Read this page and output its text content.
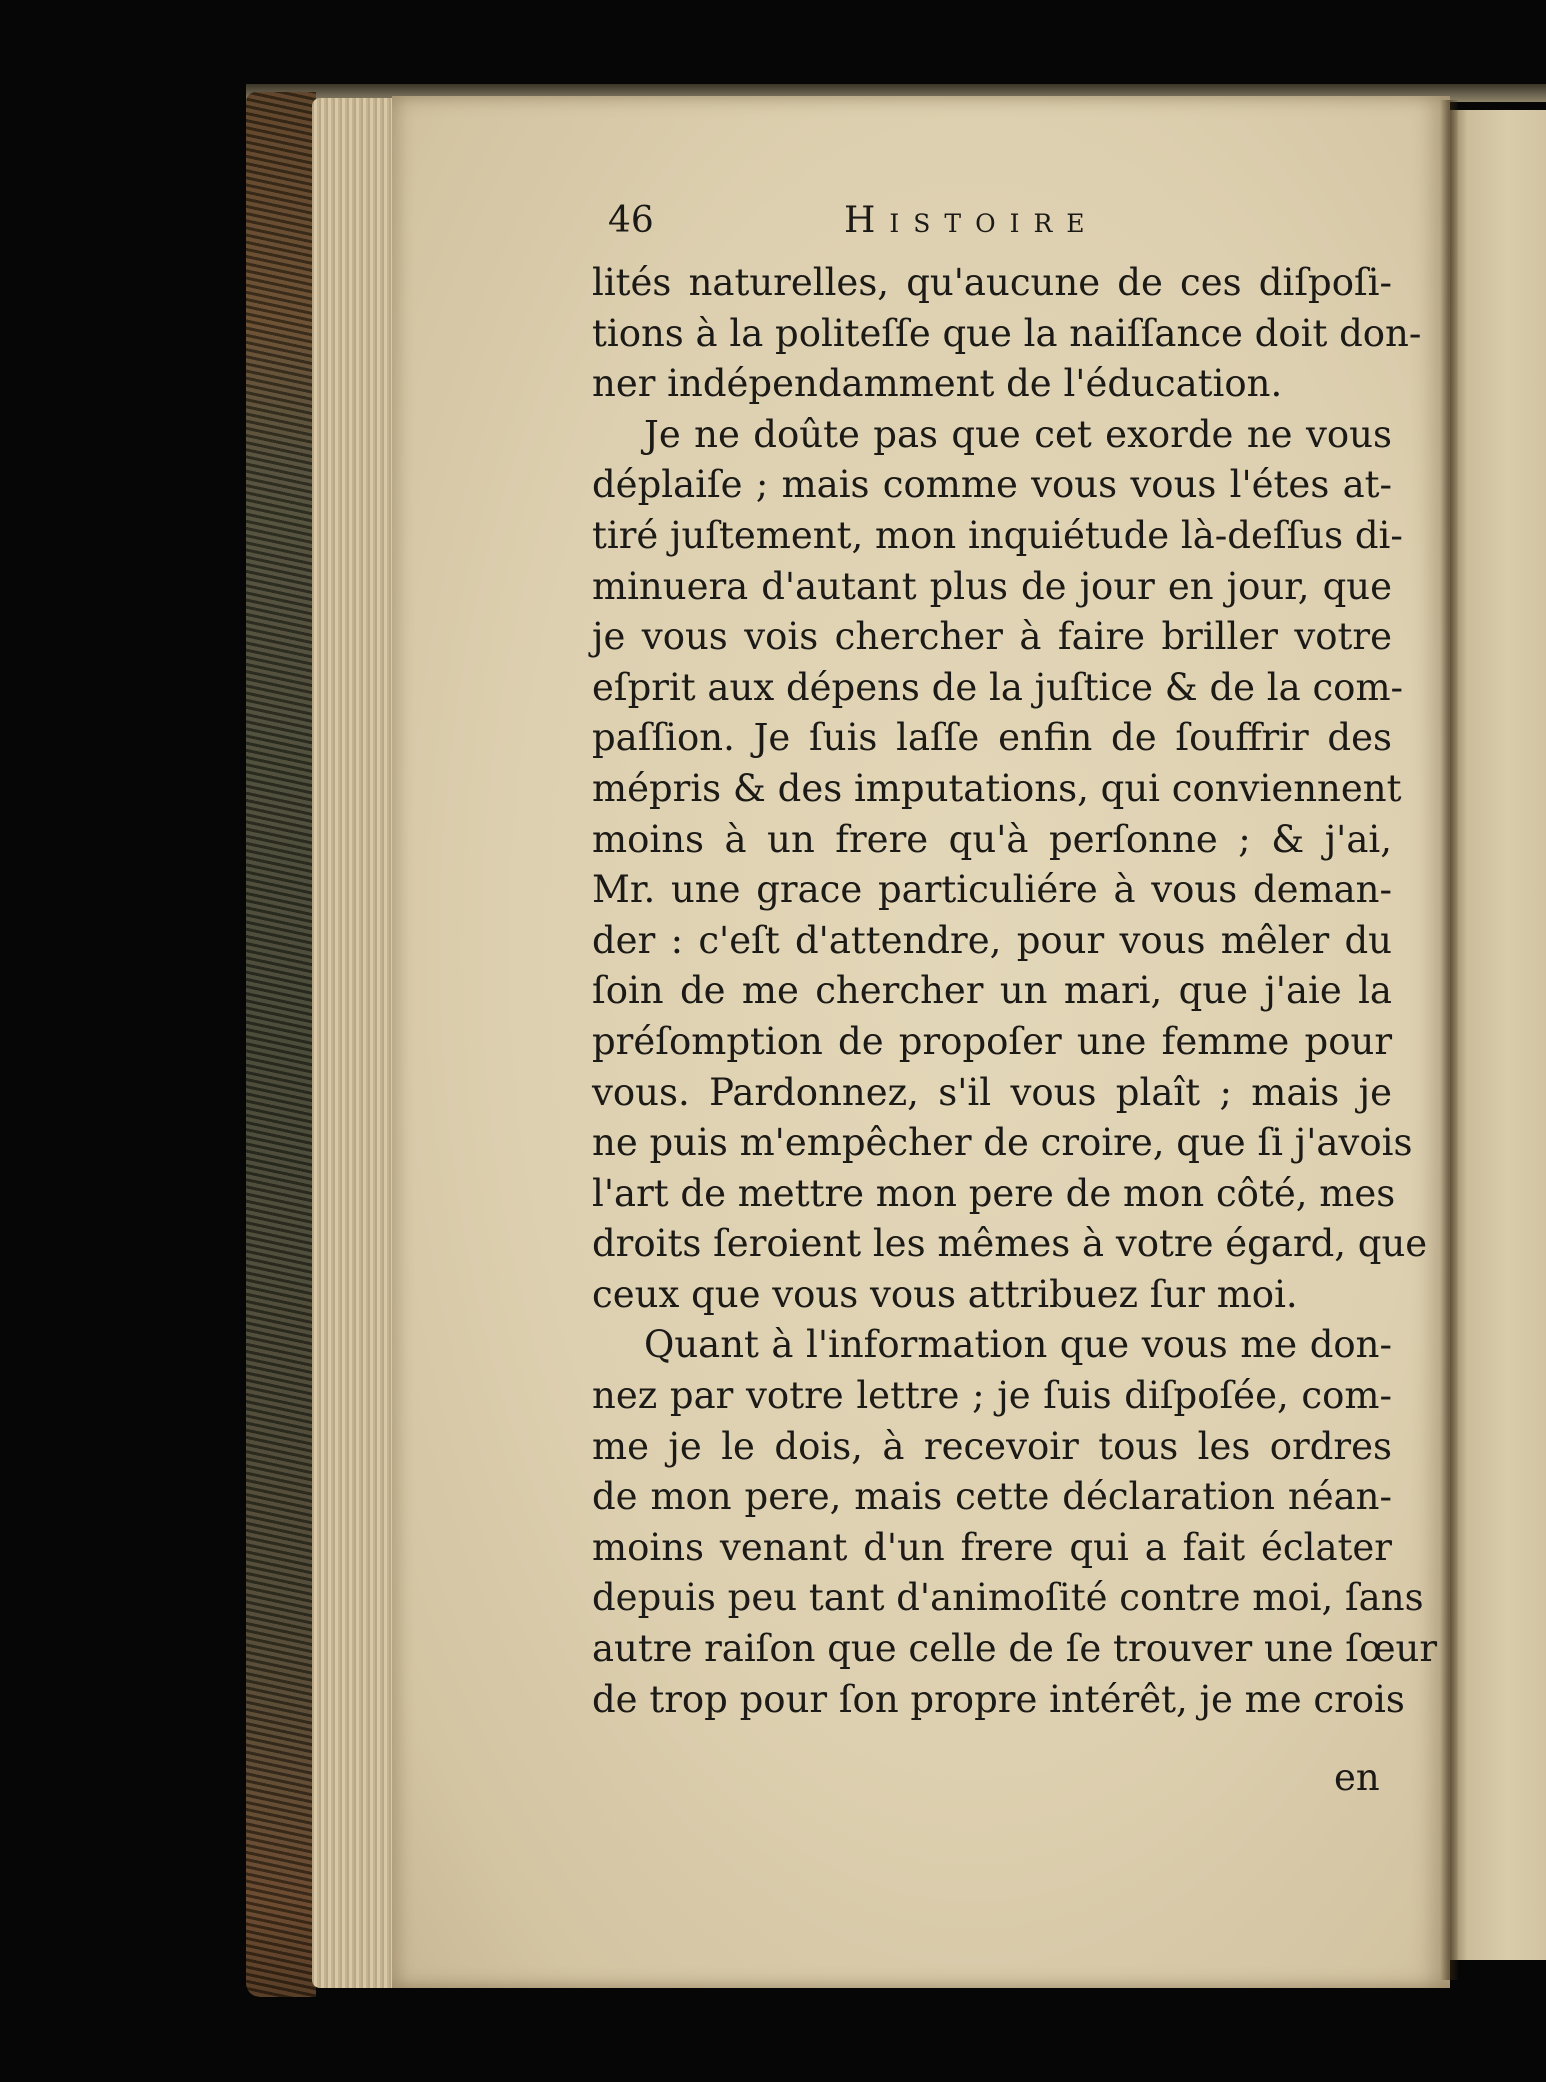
46	Histoire
lités naturelles, qu'aucune de ces diſpoſi-
tions à la politeſſe que la naiſſance doit don-
ner indépendamment de l'éducation.
Je ne doûte pas que cet exorde ne vous
déplaiſe ; mais comme vous vous l'étes at-
tiré juſtement, mon inquiétude là-deſſus di-
minuera d'autant plus de jour en jour, que
je vous vois chercher à faire briller votre
eſprit aux dépens de la juſtice & de la com-
paſſion. Je ſuis laſſe enfin de ſouffrir des
mépris & des imputations, qui conviennent
moins à un frere qu'à perſonne ; & j'ai,
Mr. une grace particuliére à vous deman-
der : c'eſt d'attendre, pour vous mêler du
ſoin de me chercher un mari, que j'aie la
préſomption de propoſer une femme pour
vous. Pardonnez, s'il vous plaît ; mais je
ne puis m'empêcher de croire, que ſi j'avois
l'art de mettre mon pere de mon côté, mes
droits ſeroient les mêmes à votre égard, que
ceux que vous vous attribuez ſur moi.
Quant à l'information que vous me don-
nez par votre lettre ; je ſuis diſpoſée, com-
me je le dois, à recevoir tous les ordres
de mon pere, mais cette déclaration néan-
moins venant d'un frere qui a fait éclater
depuis peu tant d'animoſité contre moi, ſans
autre raiſon que celle de ſe trouver une ſœur
de trop pour ſon propre intérêt, je me crois
en
